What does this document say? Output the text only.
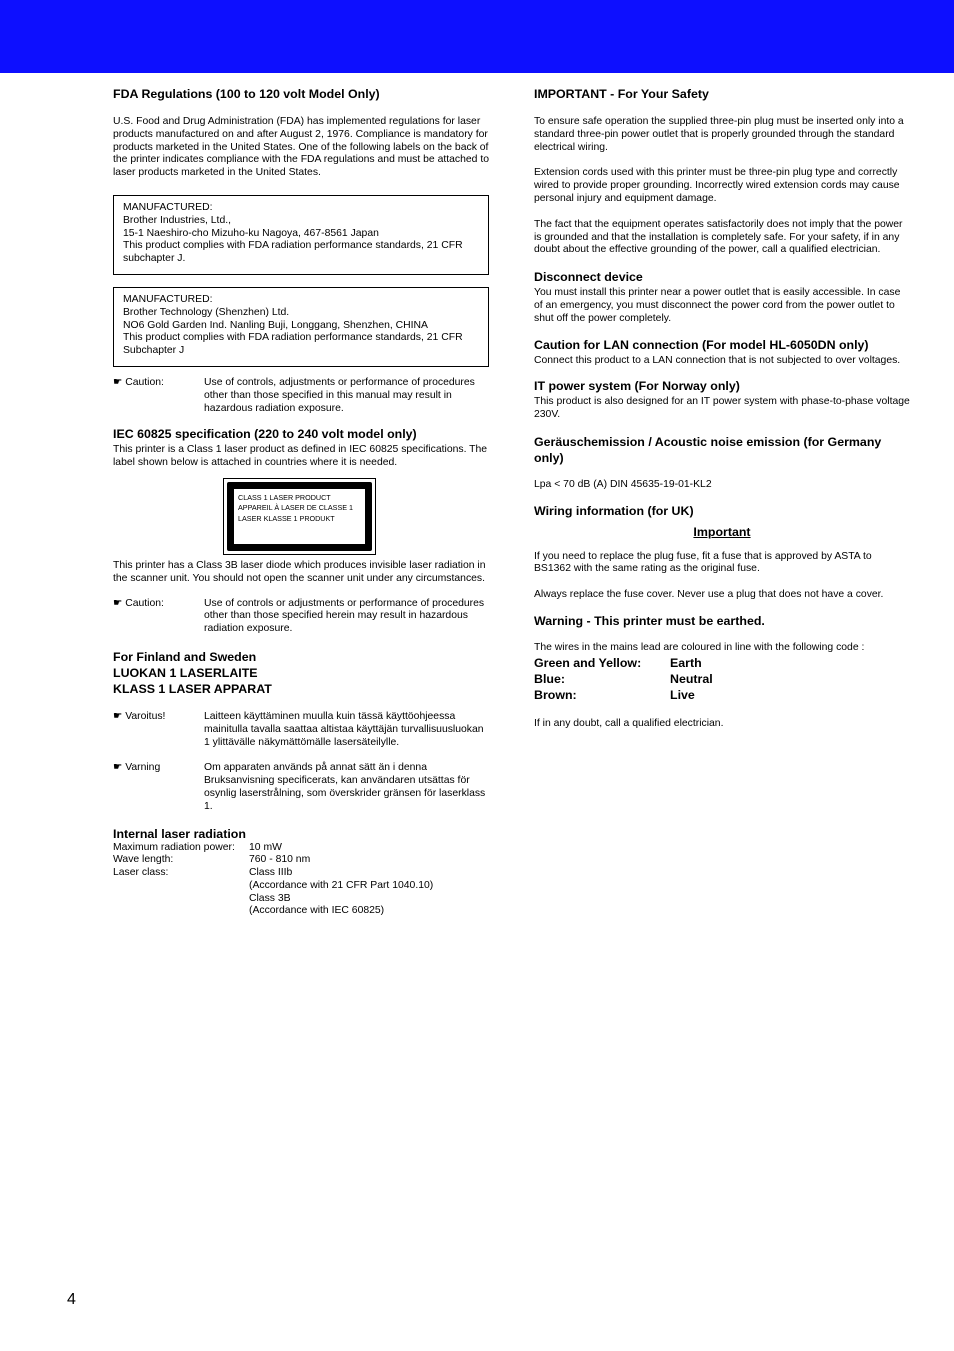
FDA Regulations (100 to 120 volt Model Only)

U.S. Food and Drug Administration (FDA) has implemented regulations for laser products manufactured on and after August 2, 1976. Compliance is mandatory for products marketed in the United States. One of the following labels on the back of the printer indicates compliance with the FDA regulations and must be attached to laser products marketed in the United States.

MANUFACTURED:
Brother Industries, Ltd.,
15-1 Naeshiro-cho Mizuho-ku Nagoya, 467-8561 Japan
This product complies with FDA radiation performance standards, 21 CFR subchapter J.
MANUFACTURED:
Brother Technology (Shenzhen) Ltd.
NO6 Gold Garden Ind. Nanling Buji, Longgang, Shenzhen, CHINA
This product complies with FDA radiation performance standards, 21 CFR Subchapter J
☛ Caution:	Use of controls, adjustments or performance of procedures other than those specified in this manual may result in hazardous radiation exposure.
IEC 60825 specification (220 to 240 volt model only)

This printer is a Class 1 laser product as defined in IEC 60825 specifications. The label shown below is attached in countries where it is needed.

CLASS 1 LASER PRODUCT
APPAREIL À LASER DE CLASSE 1
LASER KLASSE 1 PRODUKT

This printer has a Class 3B laser diode which produces invisible laser radiation in the scanner unit. You should not open the scanner unit under any circumstances.

☛ Caution:	Use of controls or adjustments or performance of procedures other than those specified herein may result in hazardous radiation exposure.
For Finland and Sweden
LUOKAN 1 LASERLAITE
KLASS 1 LASER APPARAT
☛ Varoitus!	Laitteen käyttäminen muulla kuin tässä käyttöohjeessa mainitulla tavalla saattaa altistaa käyttäjän turvallisuusluokan 1 ylittävälle näkymättömälle lasersäteilylle.
☛ Varning	Om apparaten används på annat sätt än i denna Bruksanvisning specificerats, kan användaren utsättas för osynlig laserstrålning, som överskrider gränsen för laserklass 1.
Internal laser radiation
Maximum radiation power:	10 mW
Wave length:	760 - 810 nm
Laser class:	Class IIIb
(Accordance with 21 CFR Part 1040.10)
Class 3B
(Accordance with IEC 60825)
IMPORTANT - For Your Safety

To ensure safe operation the supplied three-pin plug must be inserted only into a standard three-pin power outlet that is properly grounded through the standard electrical wiring.

Extension cords used with this printer must be three-pin plug type and correctly wired to provide proper grounding. Incorrectly wired extension cords may cause personal injury and equipment damage.

The fact that the equipment operates satisfactorily does not imply that the power is grounded and that the installation is completely safe. For your safety, if in any doubt about the effective grounding of the power, call a qualified electrician.

Disconnect device

You must install this printer near a power outlet that is easily accessible. In case of an emergency, you must disconnect the power cord from the power outlet to shut off the power completely.

Caution for LAN connection (For model HL-6050DN only)

Connect this product to a LAN connection that is not subjected to over voltages.

IT power system (For Norway only)

This product is also designed for an IT power system with phase-to-phase voltage 230V.

Geräuschemission / Acoustic noise emission (for Germany only)

Lpa < 70 dB (A) DIN 45635-19-01-KL2

Wiring information (for UK)
Important

If you need to replace the plug fuse, fit a fuse that is approved by ASTA to BS1362 with the same rating as the original fuse.

Always replace the fuse cover. Never use a plug that does not have a cover.

Warning - This printer must be earthed.

The wires in the mains lead are coloured in line with the following code :

Green and Yellow:	Earth
Blue:	Neutral
Brown:	Live

If in any doubt, call a qualified electrician.

4
